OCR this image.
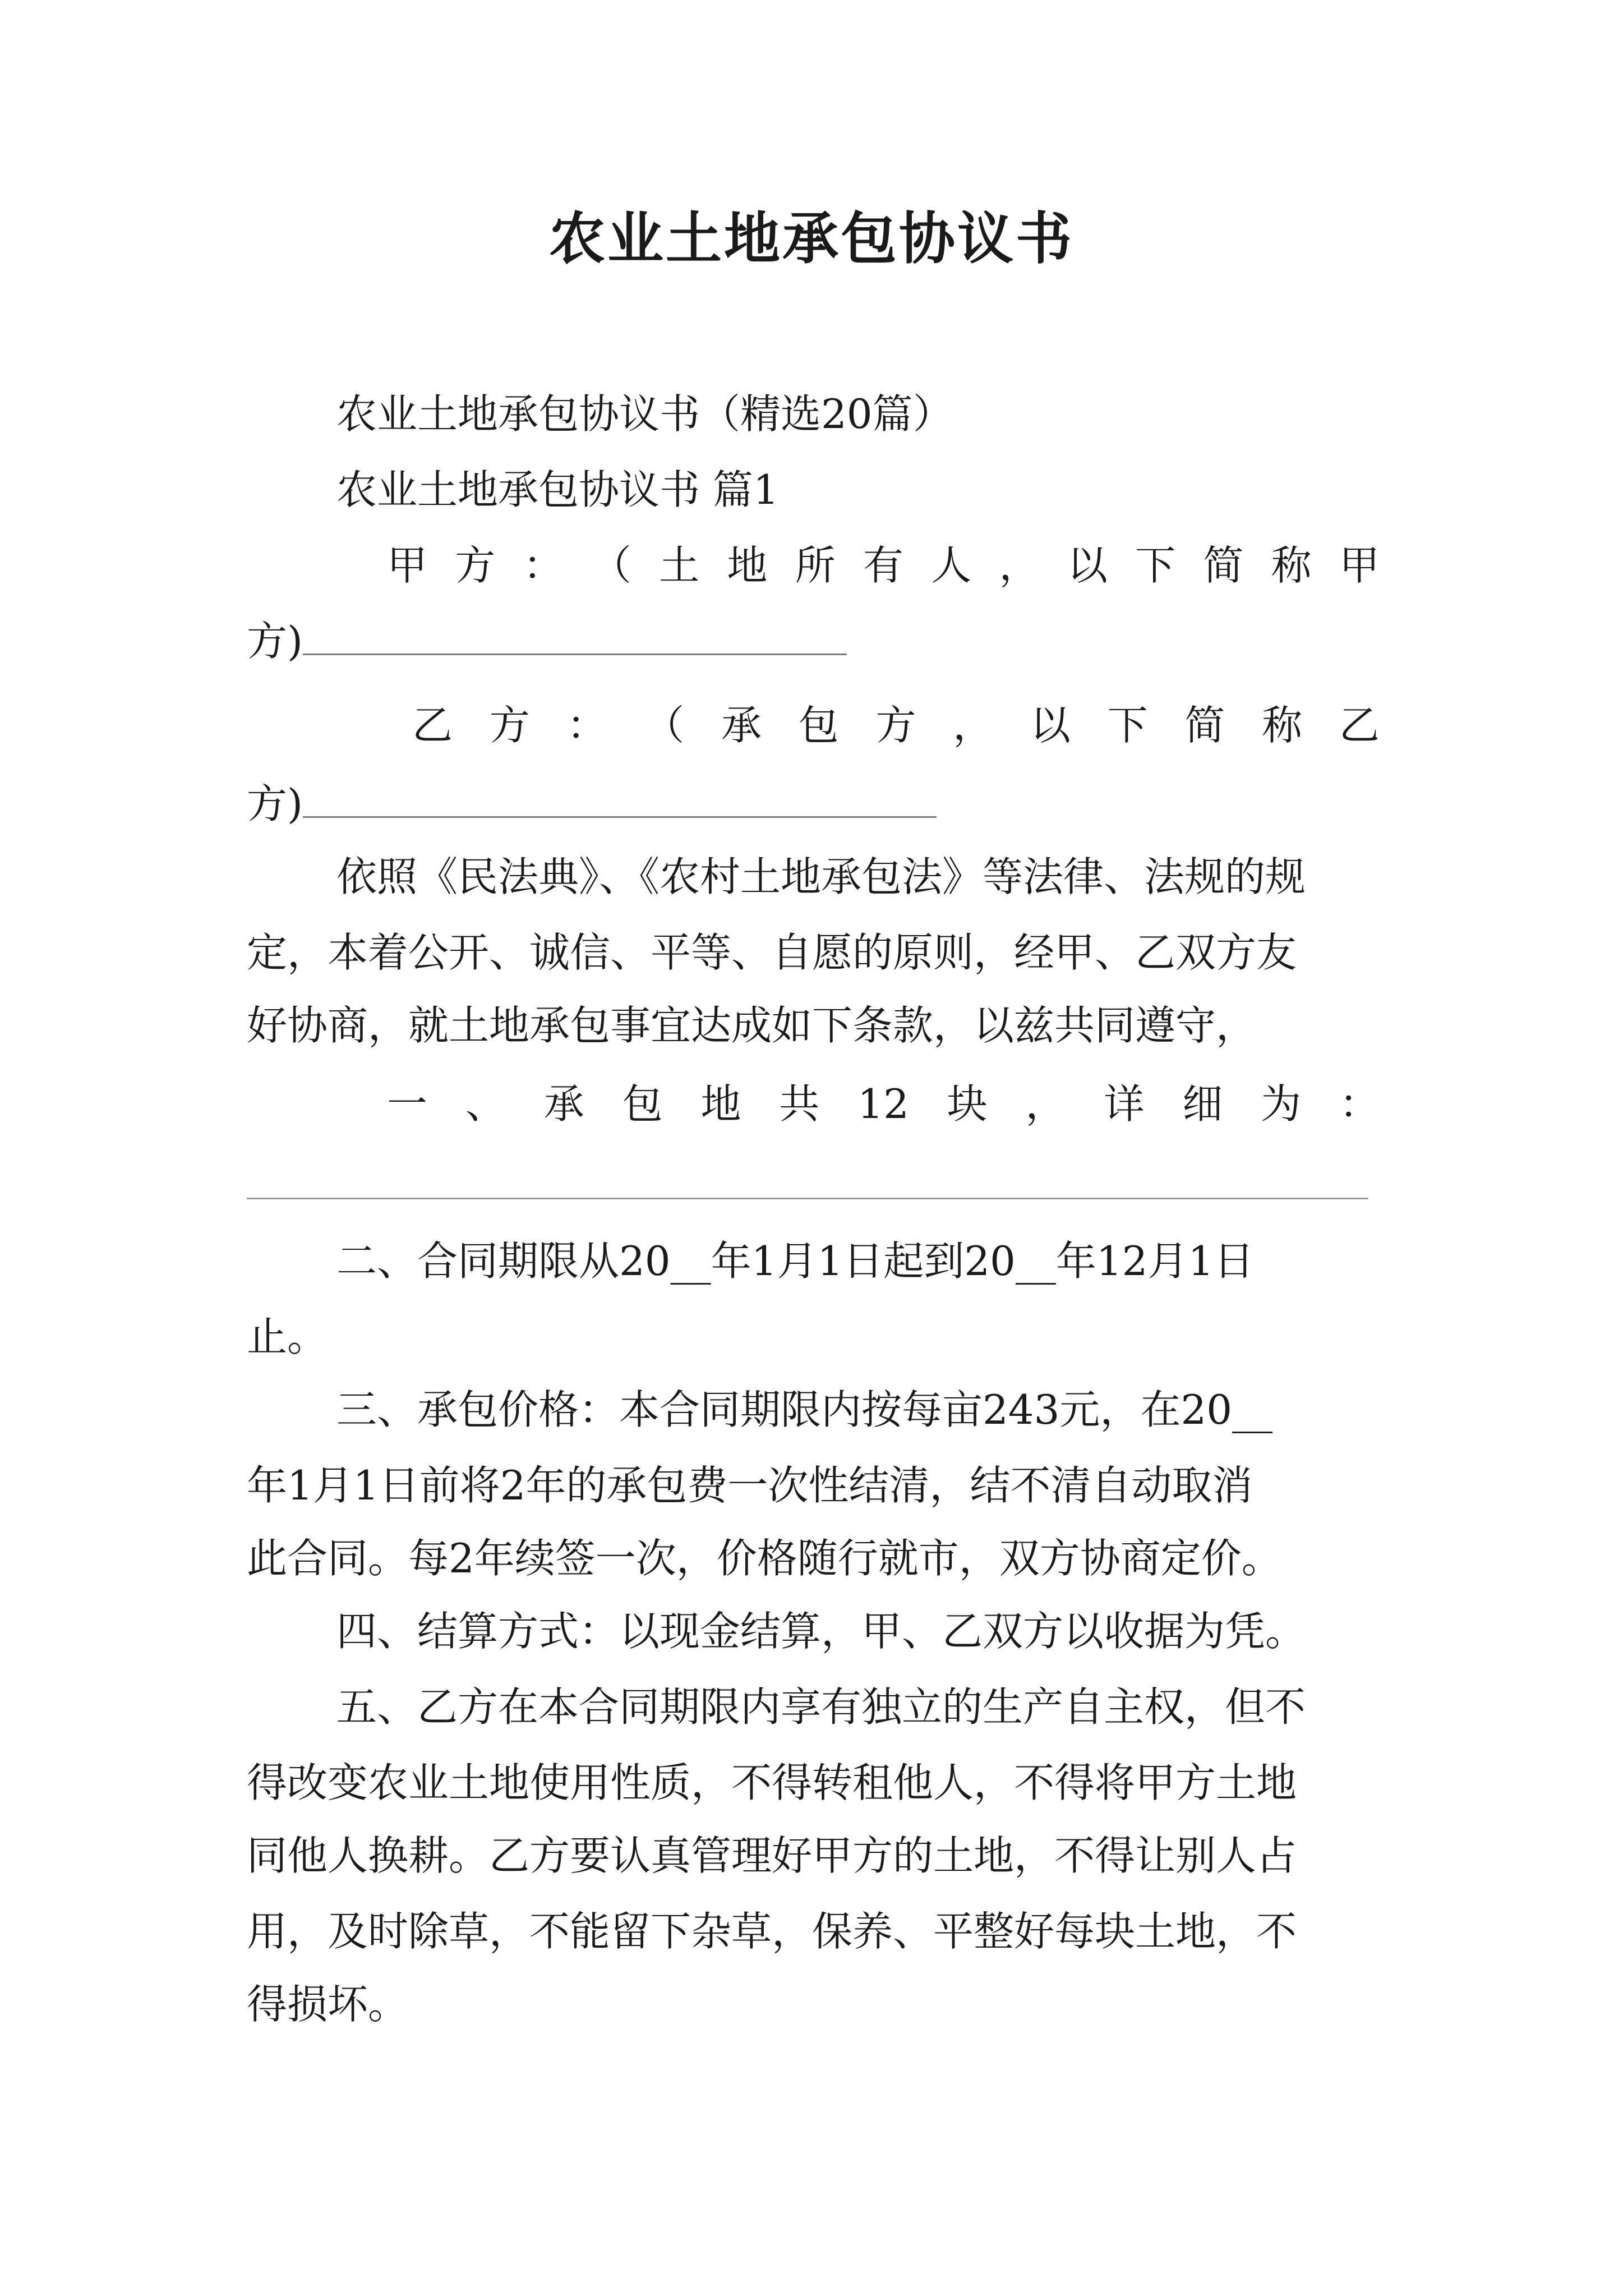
农业土地承包协议书
农业土地承包协议书（精选20篇）
农业土地承包协议书 篇1
甲 方 ： （ 土 地 所 有 人 ， 以 下 简 称 甲
方)
乙 方 ： （ 承 包 方 ， 以 下 简 称 乙
方)
依照《民法典》、《农村土地承包法》等法律、法规的规
定，本着公开、诚信、平等、自愿的原则，经甲、乙双方友
好协商，就土地承包事宜达成如下条款，以兹共同遵守，
一 、 承 包 地 共 12 块 ， 详 细 为 ：
二、合同期限从20__年1月1日起到20__年12月1日
止。
三、承包价格：本合同期限内按每亩243元，在20__
年1月1日前将2年的承包费一次性结清，结不清自动取消
此合同。每2年续签一次，价格随行就市，双方协商定价。
四、结算方式：以现金结算，甲、乙双方以收据为凭。
五、乙方在本合同期限内享有独立的生产自主权，但不
得改变农业土地使用性质，不得转租他人，不得将甲方土地
同他人换耕。乙方要认真管理好甲方的土地，不得让别人占
用，及时除草，不能留下杂草，保养、平整好每块土地，不
得损坏。
